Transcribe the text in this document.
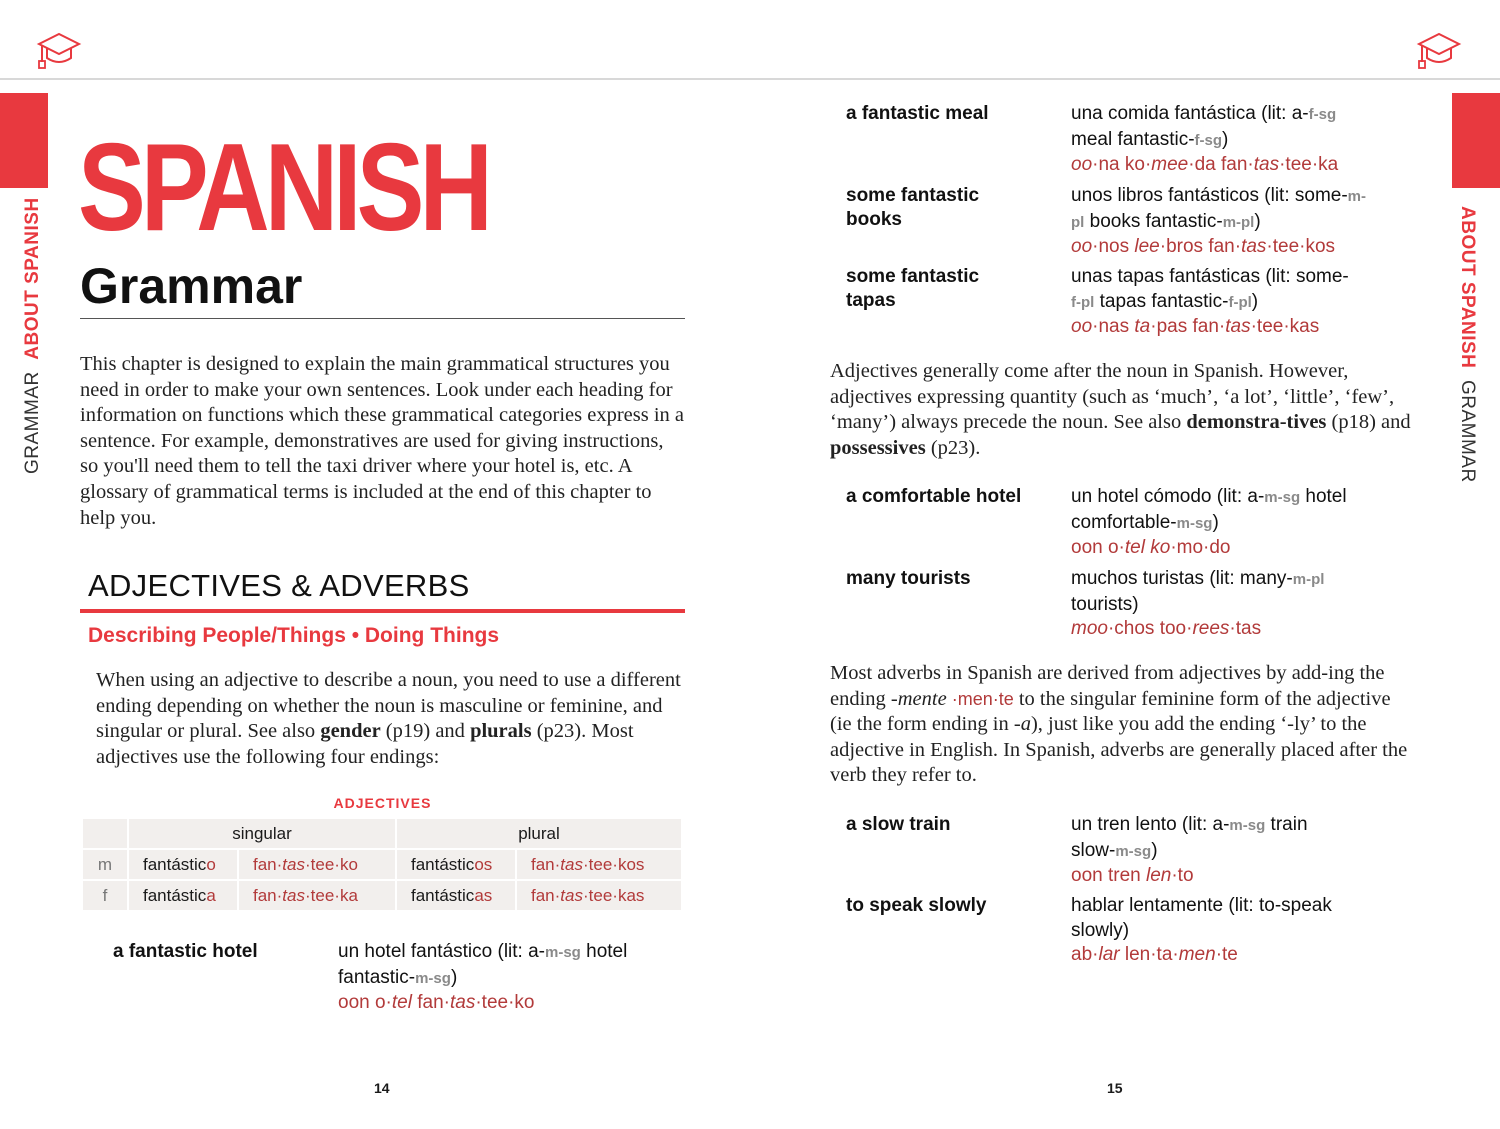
GRAMMAR  ABOUT SPANISH	ABOUT SPANISH  GRAMMAR
SPANISH
Grammar

This chapter is designed to explain the main grammatical structures you need in order to make your own sentences. Look under each heading for information on functions which these grammatical categories express in a sentence. For example, demonstratives are used for giving instructions, so you'll need them to tell the taxi driver where your hotel is, etc. A glossary of grammatical terms is included at the end of this chapter to help you.

ADJECTIVES & ADVERBS
Describing People/Things • Doing Things

When using an adjective to describe a noun, you need to use a different ending depending on whether the noun is masculine or feminine, and singular or plural. See also gender (p19) and plurals (p23). Most adjectives use the following four endings:

ADJECTIVES
	singular		plural	
m	fantástico	fan·tas·tee·ko	fantásticos	fan·tas·tee·kos
f	fantástica	fan·tas·tee·ka	fantásticas	fan·tas·tee·kas
a fantastic hotel	un hotel fantástico (lit: a-m-sg hotel
fantastic-m-sg)
oon o·tel fan·tas·tee·ko
14
a fantastic meal	una comida fantástica (lit: a-f-sg
meal fantastic-f-sg)
oo·na ko·mee·da fan·tas·tee·ka
some fantastic books
unos libros fantásticos (lit: some-m-
pl books fantastic-m-pl)
oo·nos lee·bros fan·tas·tee·kos
some fantastic tapas
unas tapas fantásticas (lit: some-
f-pl tapas fantastic-f-pl)
oo·nas ta·pas fan·tas·tee·kas

Adjectives generally come after the noun in Spanish. However, adjectives expressing quantity (such as ‘much’, ‘a lot’, ‘little’, ‘few’, ‘many’) always precede the noun. See also demonstra-tives (p18) and possessives (p23).

a comfortable hotel	un hotel cómodo (lit: a-m-sg hotel
comfortable-m-sg)
oon o·tel ko·mo·do
many tourists	muchos turistas (lit: many-m-pl
tourists)
moo·chos too·rees·tas

Most adverbs in Spanish are derived from adjectives by add-ing the ending -mente ·men·te to the singular feminine form of the adjective (ie the form ending in -a), just like you add the ending ‘-ly’ to the adjective in English. In Spanish, adverbs are generally placed after the verb they refer to.

a slow train	un tren lento (lit: a-m-sg train
slow-m-sg)
oon tren len·to
to speak slowly	hablar lentamente (lit: to-speak
slowly)
ab·lar len·ta·men·te
15
